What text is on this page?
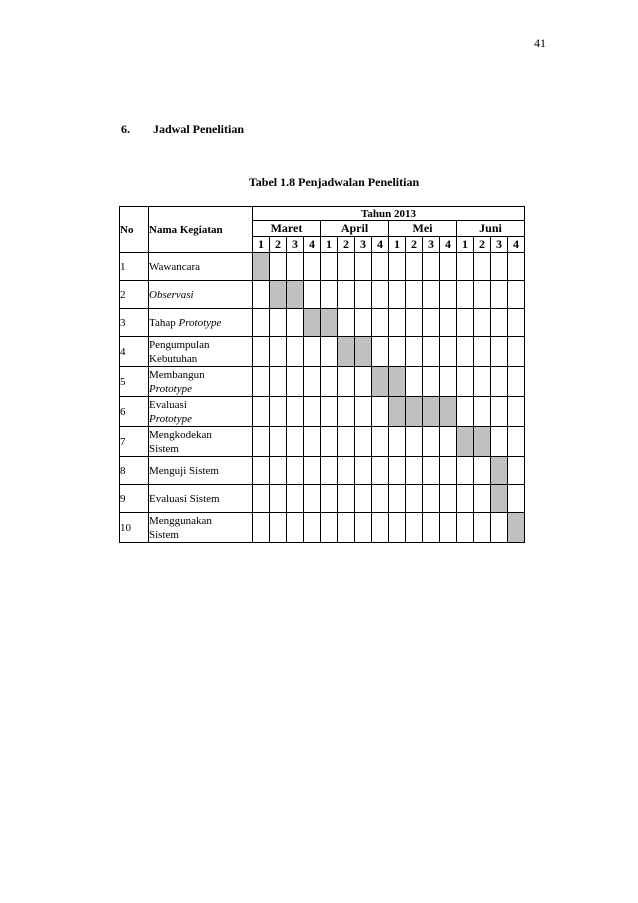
41
6. Jadwal Penelitian
Tabel 1.8 Penjadwalan Penelitian
No	Nama Kegiatan	Tahun 2013															
		Maret				April				Mei				Juni			
		1	2	3	4	1	2	3	4	1	2	3	4	1	2	3	4
1	Wawancara																
2	Observasi																
3	Tahap Prototype																
4	Pengumpulan
Kebutuhan																
5	Membangun
Prototype																
6	Evaluasi
Prototype																
7	Mengkodekan
Sistem																
8	Menguji Sistem																
9	Evaluasi Sistem																
10	Menggunakan
Sistem																
